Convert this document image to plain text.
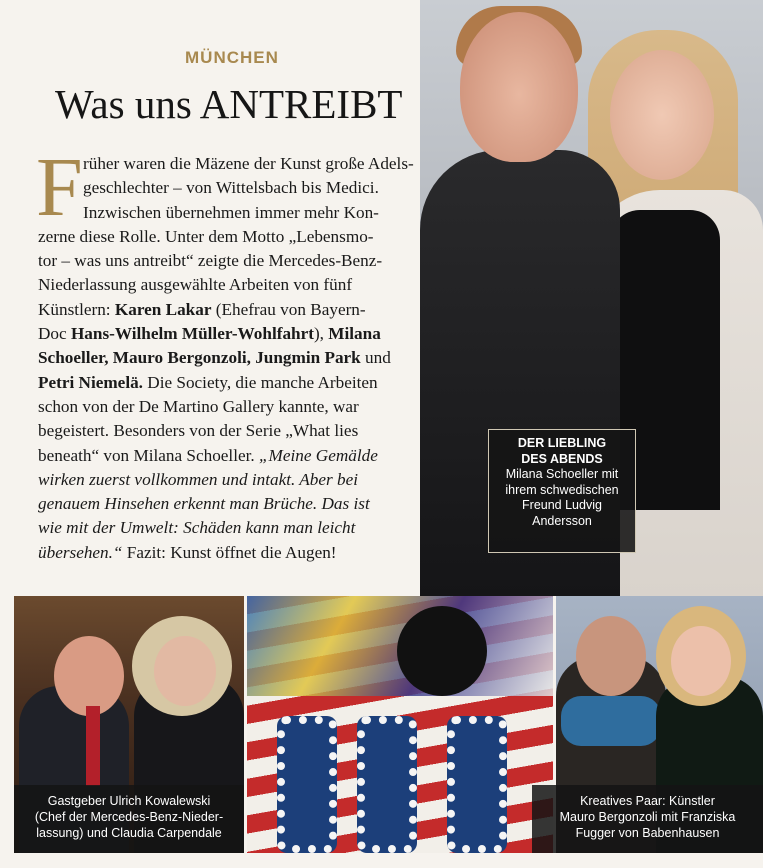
DER LIEBLING
DES ABENDS
Milana Schoeller mit
ihrem schwedischen
Freund Ludvig
Andersson
MÜNCHEN
Was uns ANTREIBT
F rüher waren die Mäzene der Kunst große Adels-
geschlechter – von Wittelsbach bis Medici.
Inzwischen übernehmen immer mehr Kon-
zerne diese Rolle. Unter dem Motto „Lebensmo-
tor – was uns antreibt“ zeigte die Mercedes-Benz-
Niederlassung ausgewählte Arbeiten von fünf
Künstlern: Karen Lakar (Ehefrau von Bayern-
Doc Hans-Wilhelm Müller-Wohlfahrt), Milana
Schoeller, Mauro Bergonzoli, Jungmin Park und
Petri Niemelä. Die Society, die manche Arbeiten
schon von der De Martino Gallery kannte, war
begeistert. Besonders von der Serie „What lies
beneath“ von Milana Schoeller. „Meine Gemälde
wirken zuerst vollkommen und intakt. Aber bei
genauem Hinsehen erkennt man Brüche. Das ist
wie mit der Umwelt: Schäden kann man leicht
übersehen.“ Fazit: Kunst öffnet die Augen!
Gastgeber Ulrich Kowalewski
(Chef der Mercedes-Benz-Nieder-
lassung) und Claudia Carpendale
Kreatives Paar: Künstler
Mauro Bergonzoli mit Franziska
Fugger von Babenhausen
